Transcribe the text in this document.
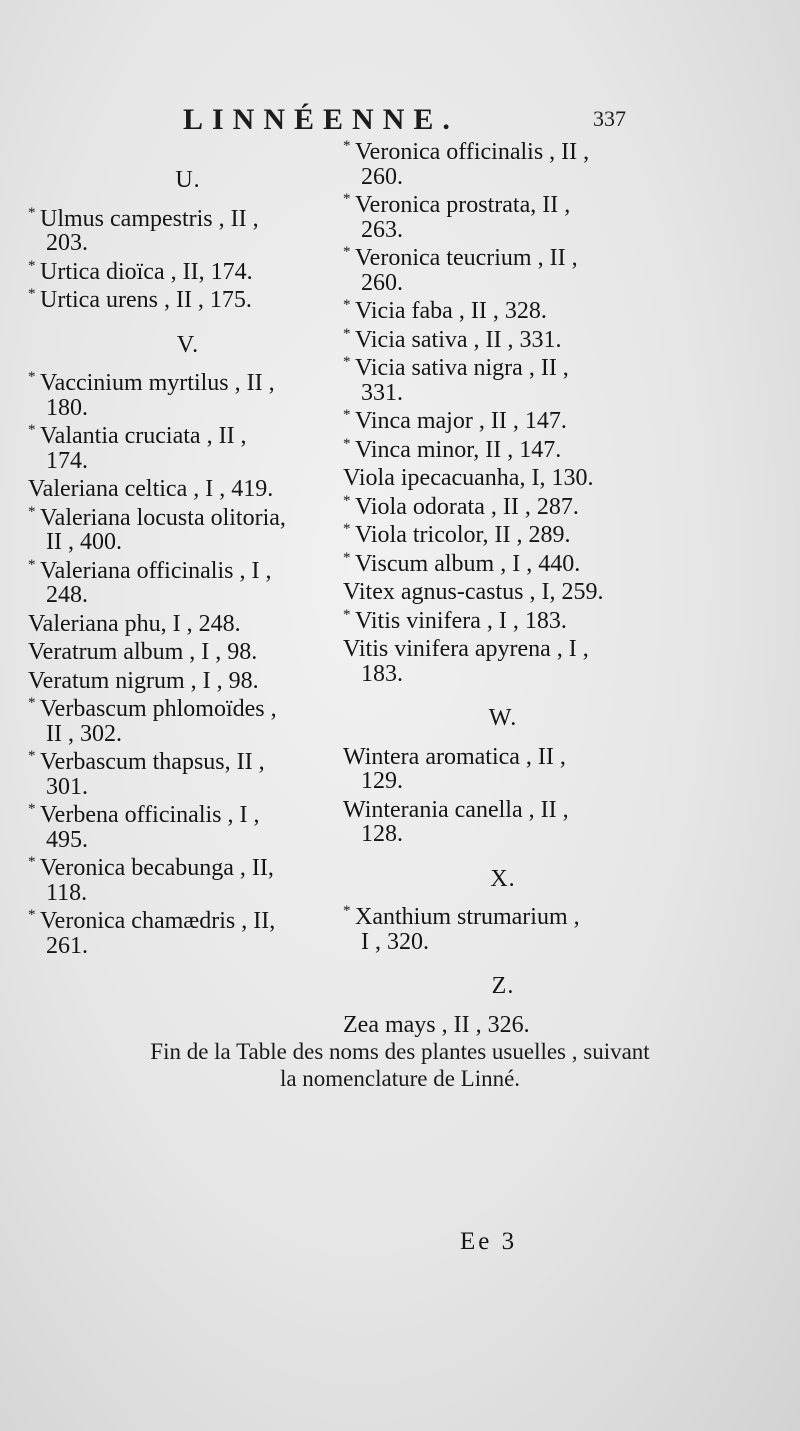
LINNÉENNE.	337
U.
* Ulmus campestris , II ,
203.
* Urtica dioïca , II, 174.
* Urtica urens , II , 175.
V.
* Vaccinium myrtilus , II ,
180.
* Valantia cruciata , II ,
174.
Valeriana celtica , I , 419.
* Valeriana locusta olitoria,
II , 400.
* Valeriana officinalis , I ,
248.
Valeriana phu, I , 248.
Veratrum album , I , 98.
Veratum nigrum , I , 98.
* Verbascum phlomoïdes ,
II , 302.
* Verbascum thapsus, II ,
301.
* Verbena officinalis , I ,
495.
* Veronica becabunga , II,
118.
* Veronica chamædris , II,
261.
* Veronica officinalis , II ,
260.
* Veronica prostrata, II ,
263.
* Veronica teucrium , II ,
260.
* Vicia faba , II , 328.
* Vicia sativa , II , 331.
* Vicia sativa nigra , II ,
331.
* Vinca major , II , 147.
* Vinca minor, II , 147.
Viola ipecacuanha, I, 130.
* Viola odorata , II , 287.
* Viola tricolor, II , 289.
* Viscum album , I , 440.
Vitex agnus-castus , I, 259.
* Vitis vinifera , I , 183.
Vitis vinifera apyrena , I ,
183.
W.
Wintera aromatica , II ,
129.
Winterania canella , II ,
128.
X.
* Xanthium strumarium ,
I , 320.
Z.
Zea mays , II , 326.
Fin de la Table des noms des plantes usuelles , suivant
la nomenclature de Linné.
Ee 3
